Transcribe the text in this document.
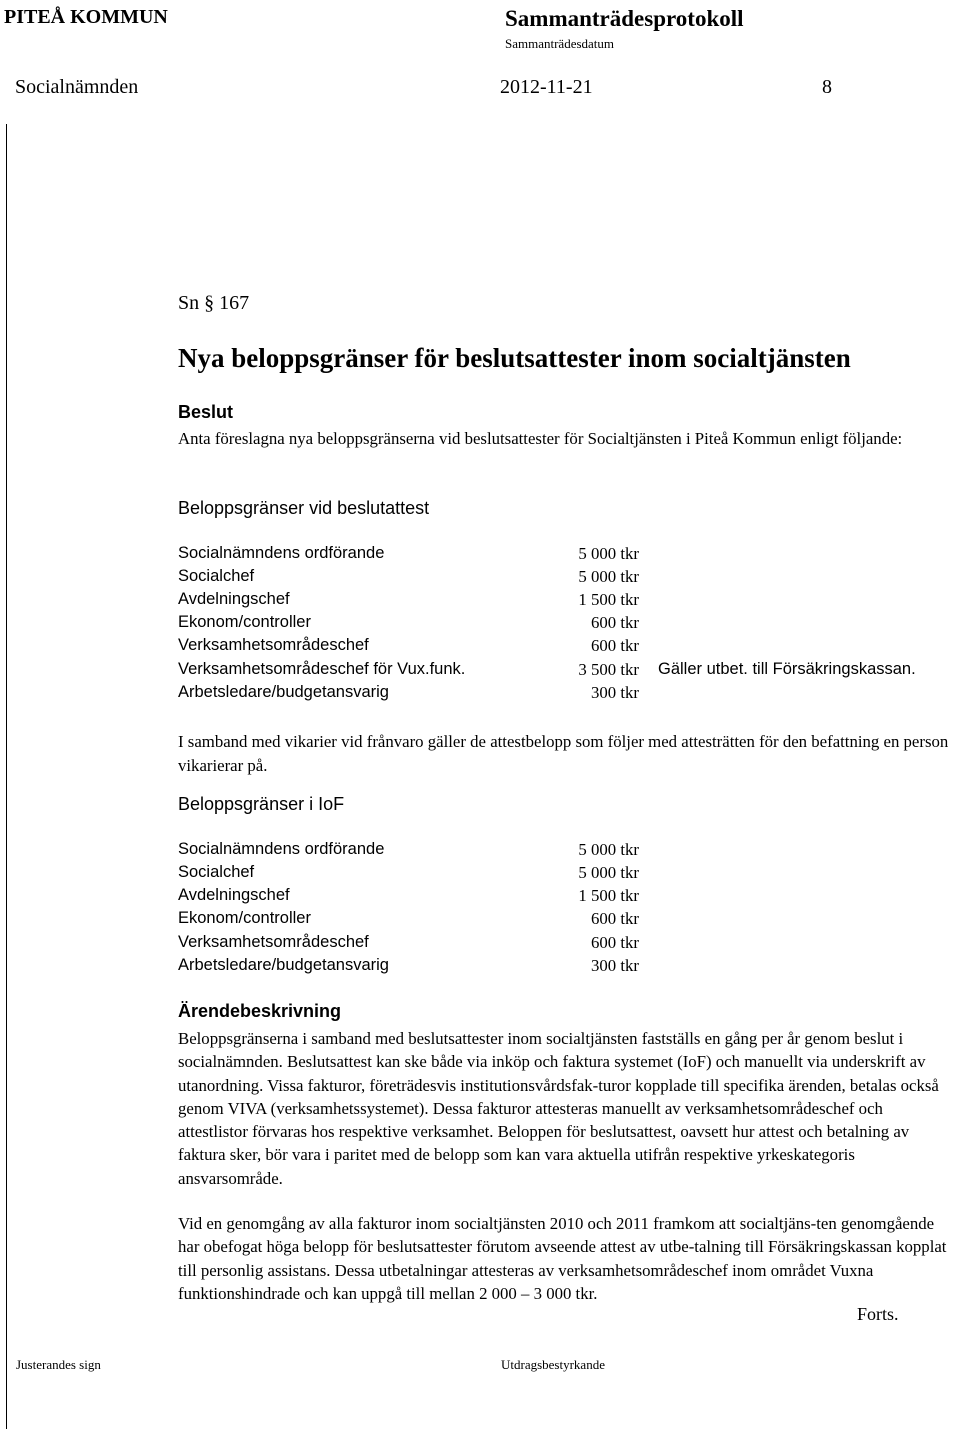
PITEÅ KOMMUN	Sammanträdesprotokoll
Sammanträdesdatum
Socialnämnden	2012-11-21	8
Sn § 167
Nya beloppsgränser för beslutsattester inom socialtjänsten
Beslut
Anta föreslagna nya beloppsgränserna vid beslutsattester för Socialtjänsten i Piteå Kommun enligt följande:
Beloppsgränser vid beslutattest
Socialnämndens ordförande	5 000 tkr
Socialchef	5 000 tkr
Avdelningschef	1 500 tkr
Ekonom/controller	600 tkr
Verksamhetsområdeschef	600 tkr
Verksamhetsområdeschef för Vux.funk.	3 500 tkr Gäller utbet. till Försäkringskassan.
Arbetsledare/budgetansvarig	300 tkr
I samband med vikarier vid frånvaro gäller de attestbelopp som följer med attesträtten för den befattning en person vikarierar på.
Beloppsgränser i IoF
Socialnämndens ordförande	5 000 tkr
Socialchef	5 000 tkr
Avdelningschef	1 500 tkr
Ekonom/controller	600 tkr
Verksamhetsområdeschef	600 tkr
Arbetsledare/budgetansvarig	300 tkr
Ärendebeskrivning
Beloppsgränserna i samband med beslutsattester inom socialtjänsten fastställs en gång per år genom beslut i socialnämnden. Beslutsattest kan ske både via inköp och faktura systemet (IoF) och manuellt via underskrift av utanordning. Vissa fakturor, företrädesvis institutionsvårdsfak-turor kopplade till specifika ärenden, betalas också genom VIVA (verksamhetssystemet). Dessa fakturor attesteras manuellt av verksamhetsområdeschef och attestlistor förvaras hos respektive verksamhet. Beloppen för beslutsattest, oavsett hur attest och betalning av faktura sker, bör vara i paritet med de belopp som kan vara aktuella utifrån respektive yrkeskategoris ansvarsområde.
Vid en genomgång av alla fakturor inom socialtjänsten 2010 och 2011 framkom att socialtjäns-ten genomgående har obefogat höga belopp för beslutsattester förutom avseende attest av utbe-talning till Försäkringskassan kopplat till personlig assistans. Dessa utbetalningar attesteras av verksamhetsområdeschef inom området Vuxna funktionshindrade och kan uppgå till mellan 2 000 – 3 000 tkr.
Forts.
Justerandes sign	Utdragsbestyrkande
